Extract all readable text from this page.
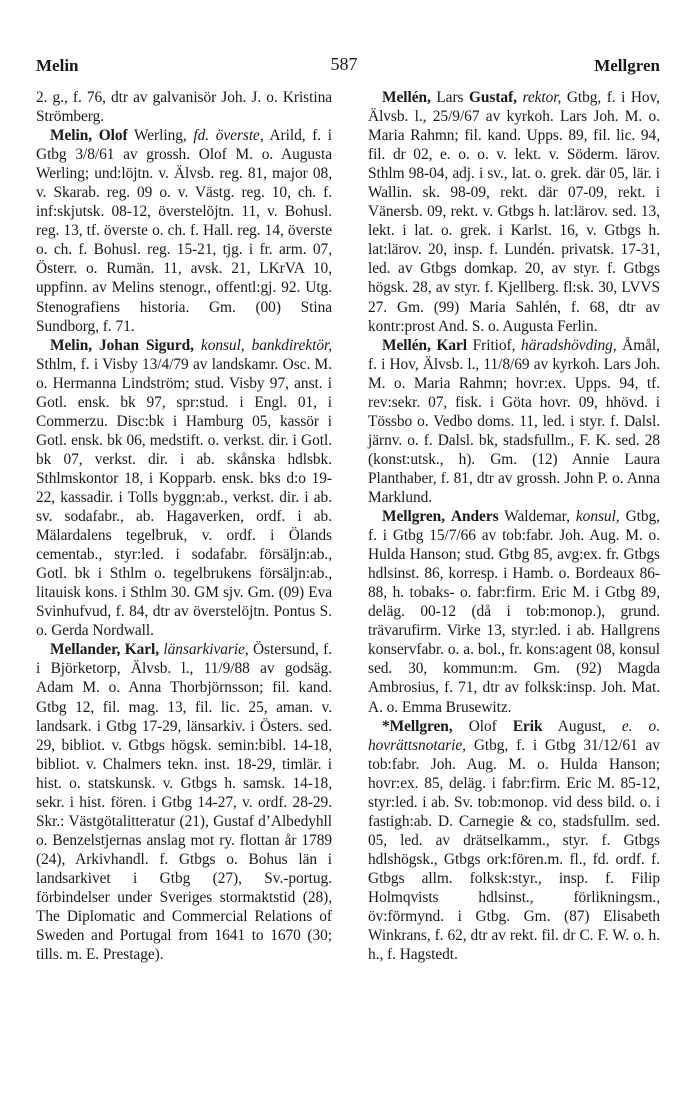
Melin	587	Mellgren

2. g., f. 76, dtr av galvanisör Joh. J. o. Kristina Strömberg.

Melin, Olof Werling, fd. överste, Arild, f. i Gtbg 3/8/61 av grossh. Olof M. o. Augusta Werling; und:löjtn. v. Älvsb. reg. 81, major 08, v. Skarab. reg. 09 o. v. Västg. reg. 10, ch. f. inf:skjutsk. 08-12, överstelöjtn. 11, v. Bohusl. reg. 13, tf. överste o. ch. f. Hall. reg. 14, överste o. ch. f. Bohusl. reg. 15-21, tjg. i fr. arm. 07, Österr. o. Rumän. 11, avsk. 21, LKrVA 10, uppfinn. av Melins stenogr., offentl:gj. 92. Utg. Stenografiens historia. Gm. (00) Stina Sundborg, f. 71.

Melin, Johan Sigurd, konsul, bankdirektör, Sthlm, f. i Visby 13/4/79 av landskamr. Osc. M. o. Hermanna Lindström; stud. Visby 97, anst. i Gotl. ensk. bk 97, spr:stud. i Engl. 01, i Commerzu. Disc:bk i Hamburg 05, kassör i Gotl. ensk. bk 06, medstift. o. verkst. dir. i Gotl. bk 07, verkst. dir. i ab. skånska hdlsbk. Sthlmskontor 18, i Kopparb. ensk. bks d:o 19-22, kassadir. i Tolls byggn:ab., verkst. dir. i ab. sv. sodafabr., ab. Hagaverken, ordf. i ab. Mälardalens tegelbruk, v. ordf. i Ölands cementab., styr:led. i sodafabr. försäljn:ab., Gotl. bk i Sthlm o. tegelbrukens försäljn:ab., litauisk kons. i Sthlm 30. GM sjv. Gm. (09) Eva Svinhufvud, f. 84, dtr av överstelöjtn. Pontus S. o. Gerda Nordwall.

Mellander, Karl, länsarkivarie, Östersund, f. i Björketorp, Älvsb. l., 11/9/88 av godsäg. Adam M. o. Anna Thorbjörnsson; fil. kand. Gtbg 12, fil. mag. 13, fil. lic. 25, aman. v. landsark. i Gtbg 17-29, länsarkiv. i Östers. sed. 29, bibliot. v. Gtbgs högsk. semin:bibl. 14-18, bibliot. v. Chalmers tekn. inst. 18-29, timlär. i hist. o. statskunsk. v. Gtbgs h. samsk. 14-18, sekr. i hist. fören. i Gtbg 14-27, v. ordf. 28-29. Skr.: Västgötalitteratur (21), Gustaf d’Albedyhll o. Benzelstjernas anslag mot ry. flottan år 1789 (24), Arkivhandl. f. Gtbgs o. Bohus län i landsarkivet i Gtbg (27), Sv.-portug. förbindelser under Sveriges stormaktstid (28), The Diplomatic and Commercial Relations of Sweden and Portugal from 1641 to 1670 (30; tills. m. E. Prestage).

Mellén, Lars Gustaf, rektor, Gtbg, f. i Hov, Älvsb. l., 25/9/67 av kyrkoh. Lars Joh. M. o. Maria Rahmn; fil. kand. Upps. 89, fil. lic. 94, fil. dr 02, e. o. o. v. lekt. v. Söderm. lärov. Sthlm 98-04, adj. i sv., lat. o. grek. där 05, lär. i Wallin. sk. 98-09, rekt. där 07-09, rekt. i Vänersb. 09, rekt. v. Gtbgs h. lat:lärov. sed. 13, lekt. i lat. o. grek. i Karlst. 16, v. Gtbgs h. lat:lärov. 20, insp. f. Lundén. privatsk. 17-31, led. av Gtbgs domkap. 20, av styr. f. Gtbgs högsk. 28, av styr. f. Kjellberg. fl:sk. 30, LVVS 27. Gm. (99) Maria Sahlén, f. 68, dtr av kontr:prost And. S. o. Augusta Ferlin.

Mellén, Karl Fritiof, häradshövding, Åmål, f. i Hov, Älvsb. l., 11/8/69 av kyrkoh. Lars Joh. M. o. Maria Rahmn; hovr:ex. Upps. 94, tf. rev:sekr. 07, fisk. i Göta hovr. 09, hhövd. i Tössbo o. Vedbo doms. 11, led. i styr. f. Dalsl. järnv. o. f. Dalsl. bk, stadsfullm., F. K. sed. 28 (konst:utsk., h). Gm. (12) Annie Laura Planthaber, f. 81, dtr av grossh. John P. o. Anna Marklund.

Mellgren, Anders Waldemar, konsul, Gtbg, f. i Gtbg 15/7/66 av tob:fabr. Joh. Aug. M. o. Hulda Hanson; stud. Gtbg 85, avg:ex. fr. Gtbgs hdlsinst. 86, korresp. i Hamb. o. Bordeaux 86-88, h. tobaks- o. fabr:firm. Eric M. i Gtbg 89, deläg. 00-12 (då i tob:monop.), grund. trävarufirm. Virke 13, styr:led. i ab. Hallgrens konservfabr. o. a. bol., fr. kons:agent 08, konsul sed. 30, kommun:m. Gm. (92) Magda Ambrosius, f. 71, dtr av folksk:insp. Joh. Mat. A. o. Emma Brusewitz.

*Mellgren, Olof Erik August, e. o. hovrättsnotarie, Gtbg, f. i Gtbg 31/12/61 av tob:fabr. Joh. Aug. M. o. Hulda Hanson; hovr:ex. 85, deläg. i fabr:firm. Eric M. 85-12, styr:led. i ab. Sv. tob:monop. vid dess bild. o. i fastigh:ab. D. Carnegie & co, stadsfullm. sed. 05, led. av drätselkamm., styr. f. Gtbgs hdlshögsk., Gtbgs ork:fören.m. fl., fd. ordf. f. Gtbgs allm. folksk:styr., insp. f. Filip Holmqvists hdlsinst., förlikningsm., öv:förmynd. i Gtbg. Gm. (87) Elisabeth Winkrans, f. 62, dtr av rekt. fil. dr C. F. W. o. h. h., f. Hagstedt.
